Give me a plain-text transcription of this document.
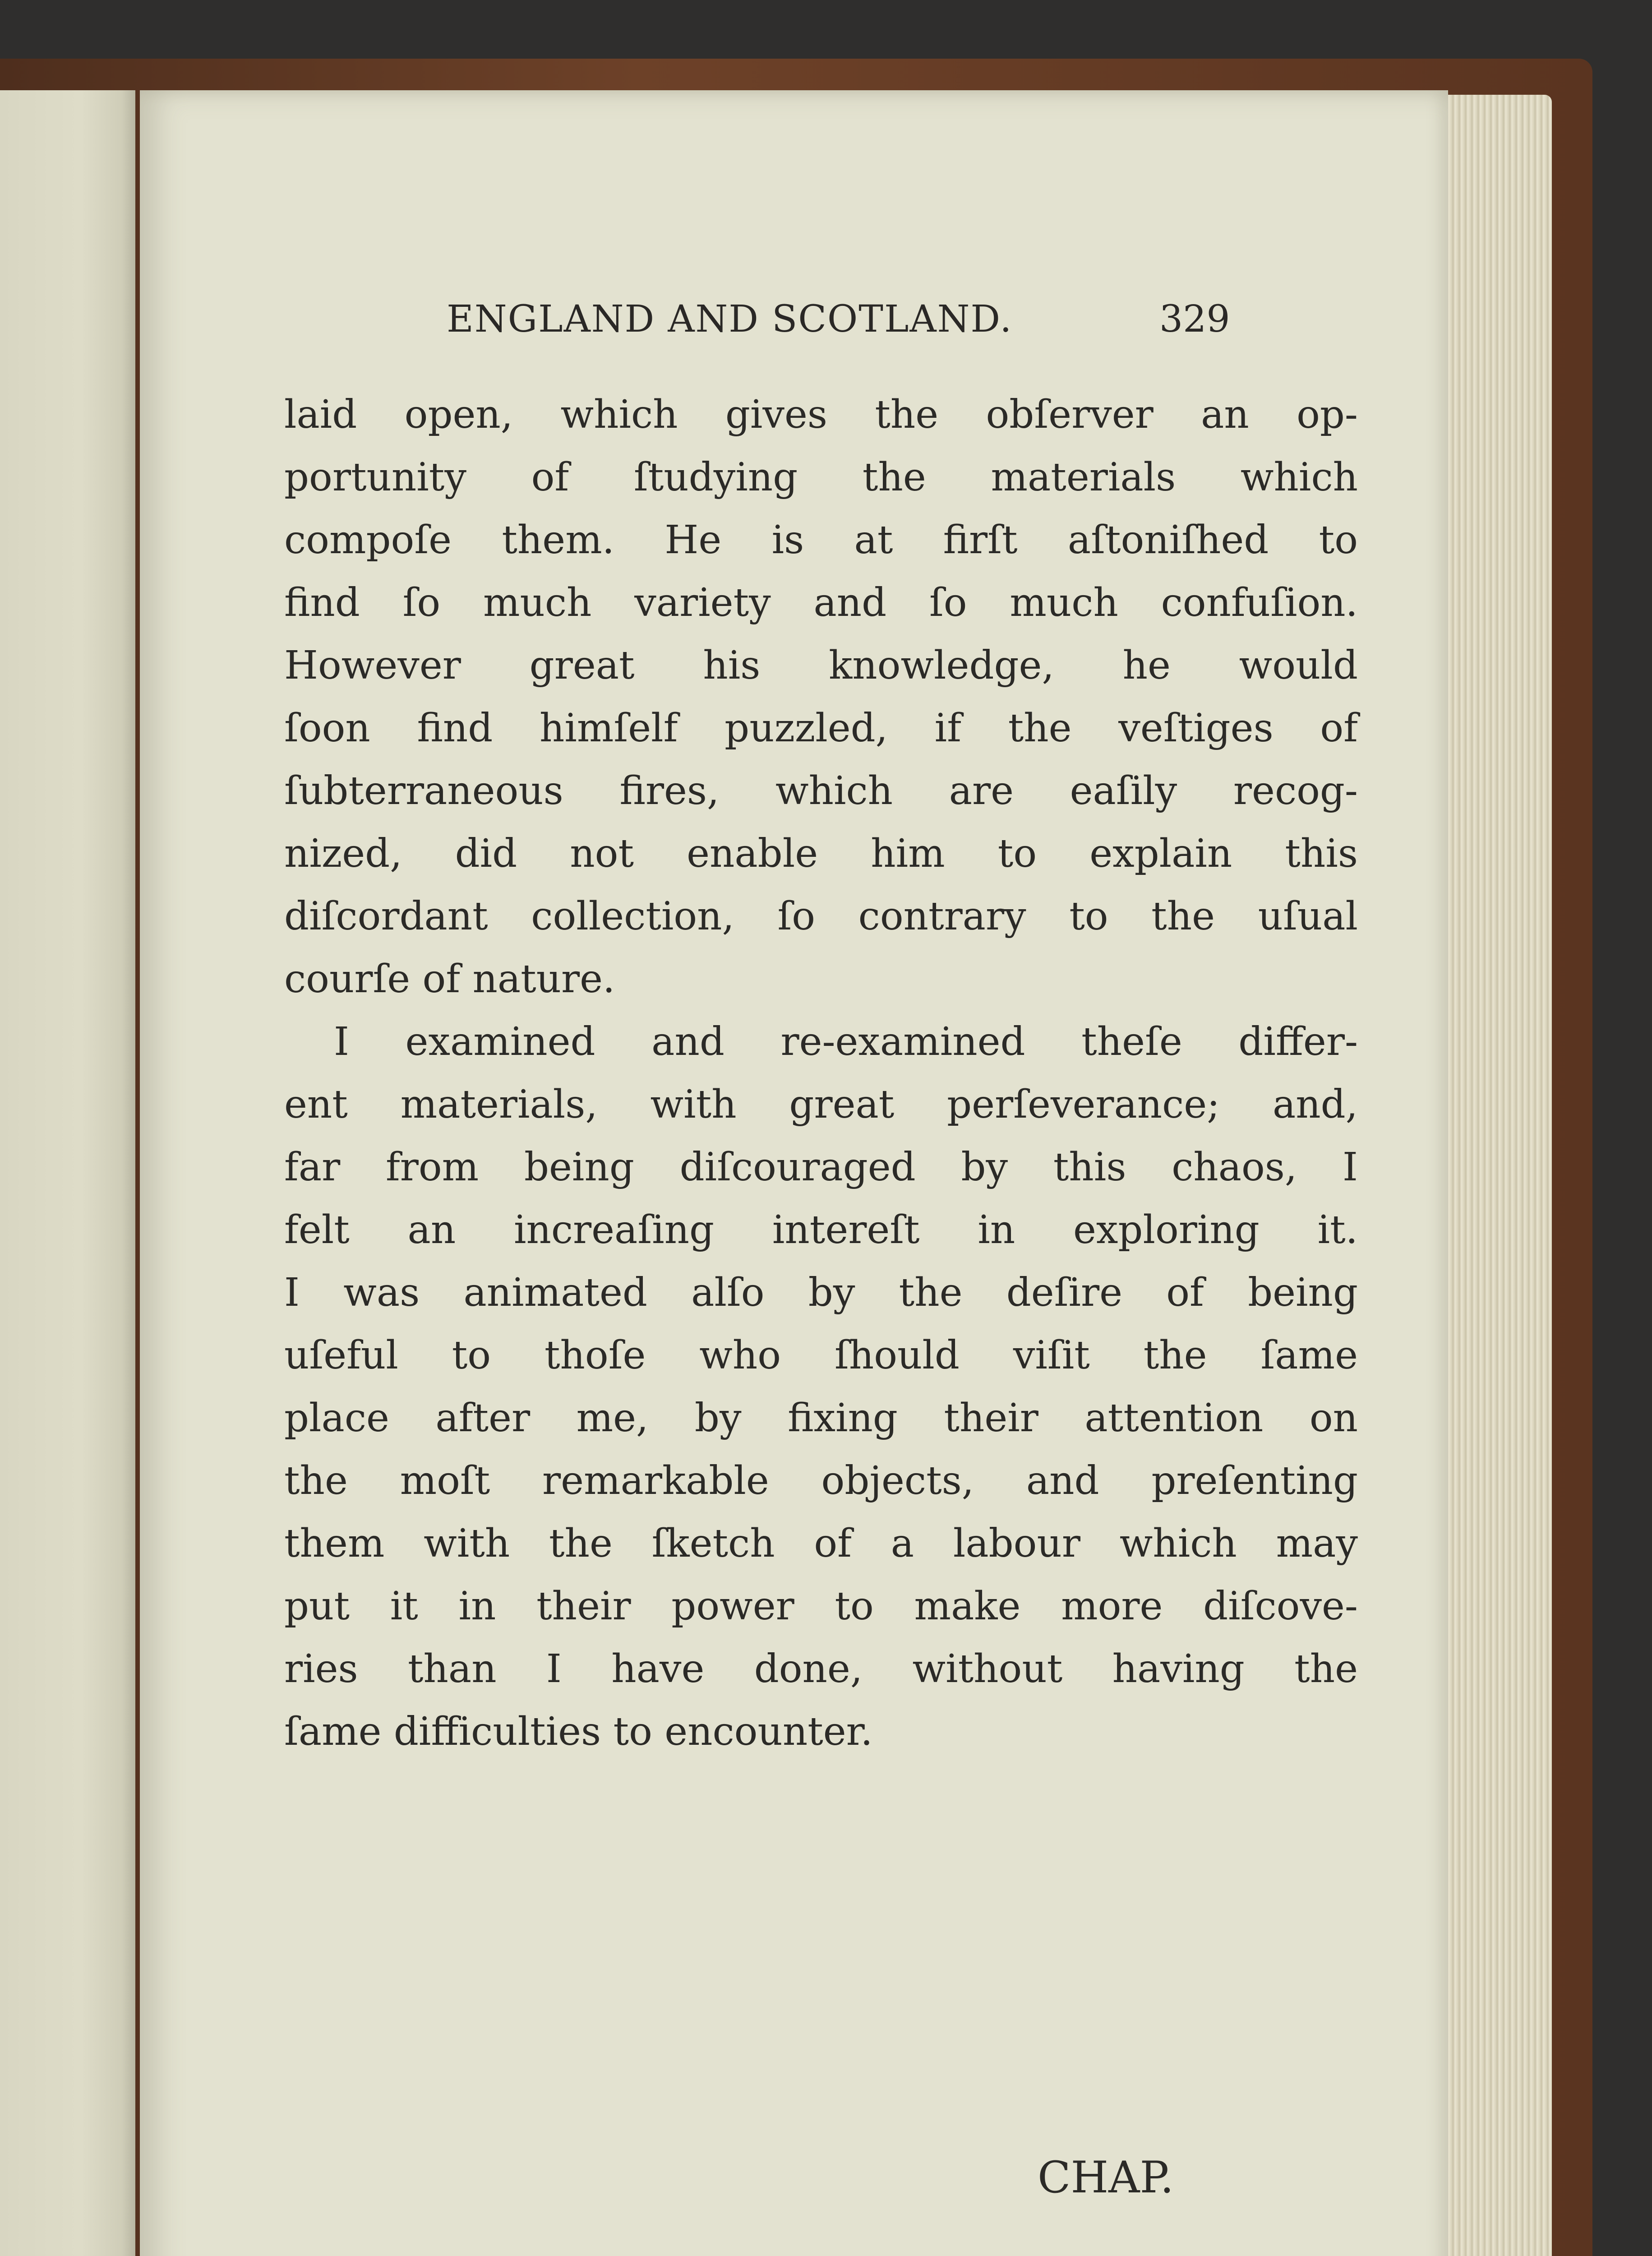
ENGLAND AND SCOTLAND.	329
laid open, which gives the obſerver an op-
portunity of ſtudying the materials which
compoſe them. He is at firſt aſtoniſhed to
find ſo much variety and ſo much confuſion.
However great his knowledge, he would
ſoon find himſelf puzzled, if the veſtiges of
ſubterraneous fires, which are eaſily recog-
nized, did not enable him to explain this
diſcordant collection, ſo contrary to the uſual
courſe of nature.
I examined and re-examined theſe differ-
ent materials, with great perſeverance; and,
far from being diſcouraged by this chaos, I
felt an increaſing intereſt in exploring it.
I was animated alſo by the deſire of being
uſeful to thoſe who ſhould viſit the ſame
place after me, by fixing their attention on
the moſt remarkable objects, and preſenting
them with the ſketch of a labour which may
put it in their power to make more diſcove-
ries than I have done, without having the
ſame difficulties to encounter.
CHAP.
